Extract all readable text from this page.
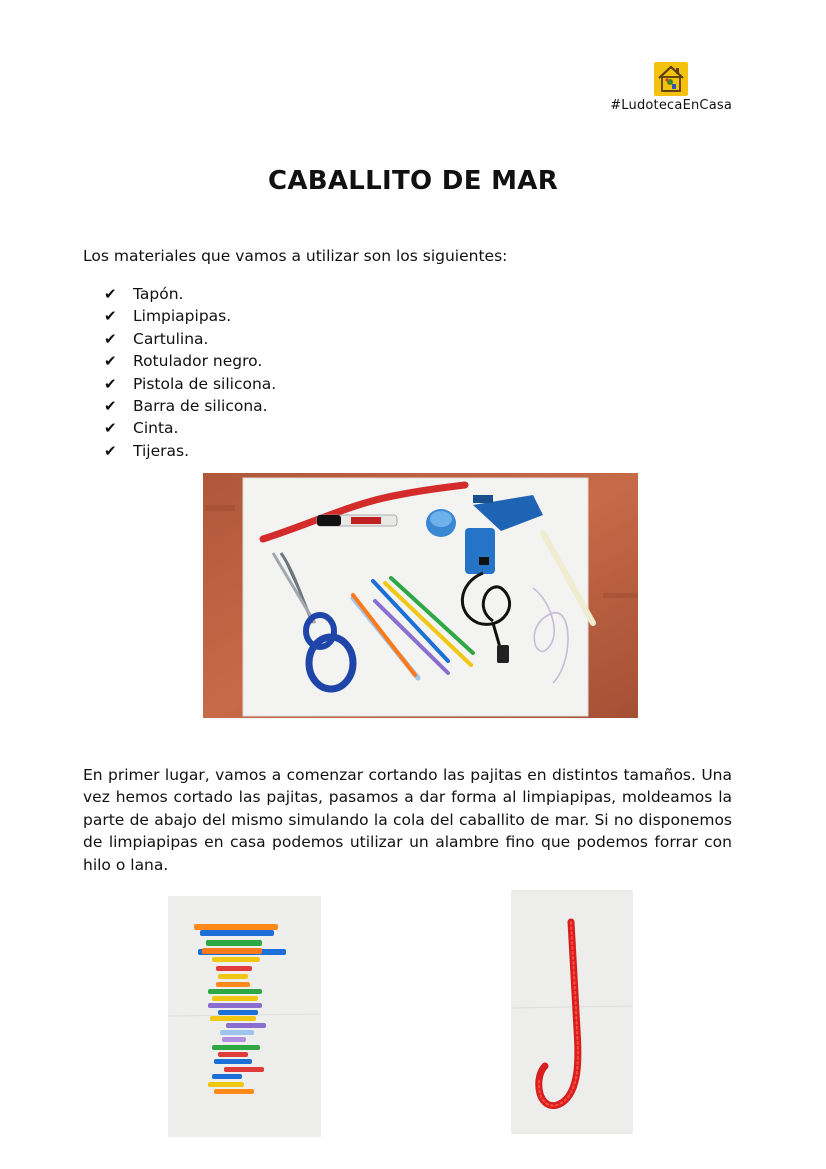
#LudotecaEnCasa
CABALLITO DE MAR

Los materiales que vamos a utilizar son los siguientes:

✔	Tapón.
✔	Limpiapipas.
✔	Cartulina.
✔	Rotulador negro.
✔	Pistola de silicona.
✔	Barra de silicona.
✔	Cinta.
✔	Tijeras.

En primer lugar, vamos a comenzar cortando las pajitas en distintos tamaños. Una vez hemos cortado las pajitas, pasamos a dar forma al limpiapipas, moldeamos la parte de abajo del mismo simulando la cola del caballito de mar. Si no disponemos de limpiapipas en casa podemos utilizar un alambre fino que podemos forrar con hilo o lana.
